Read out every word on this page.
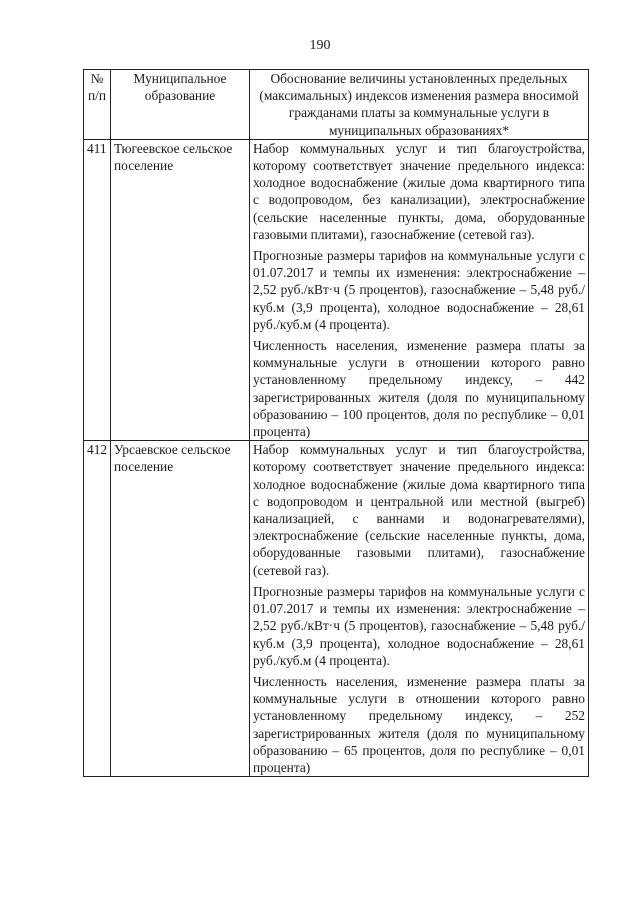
190
№ п/п	Муниципальное образование	Обоснование величины установленных предельных (максимальных) индексов изменения размера вносимой гражданами платы за коммунальные услуги в муниципальных образованиях*
411	Тюгеевское сельское поселение	Набор коммунальных услуг и тип благоустройства, которому соответствует значение предельного индекса: холодное водоснабжение (жилые дома квартирного типа с водопроводом, без канализации), электроснабжение (сельские населенные пункты, дома, оборудованные газовыми плитами), газоснабжение (сетевой газ).
Прогнозные размеры тарифов на коммунальные услуги с 01.07.2017 и темпы их изменения: электроснабжение – 2,52 руб./кВт·ч (5 процентов), газоснабжение – 5,48 руб./куб.м (3,9 процента), холодное водоснабжение – 28,61 руб./куб.м (4 процента).
Численность населения, изменение размера платы за коммунальные услуги в отношении которого равно установленному предельному индексу, – 442 зарегистрированных жителя (доля по муниципальному образованию – 100 процентов, доля по республике – 0,01 процента)

412	Урсаевское сельское поселение	Набор коммунальных услуг и тип благоустройства, которому соответствует значение предельного индекса: холодное водоснабжение (жилые дома квартирного типа с водопроводом и центральной или местной (выгреб) канализацией, с ваннами и водонагревателями), электроснабжение (сельские населенные пункты, дома, оборудованные газовыми плитами), газоснабжение (сетевой газ).
Прогнозные размеры тарифов на коммунальные услуги с 01.07.2017 и темпы их изменения: электроснабжение – 2,52 руб./кВт·ч (5 процентов), газоснабжение – 5,48 руб./куб.м (3,9 процента), холодное водоснабжение – 28,61 руб./куб.м (4 процента).
Численность населения, изменение размера платы за коммунальные услуги в отношении которого равно установленному предельному индексу, – 252 зарегистрированных жителя (доля по муниципальному образованию – 65 процентов, доля по республике – 0,01 процента)
